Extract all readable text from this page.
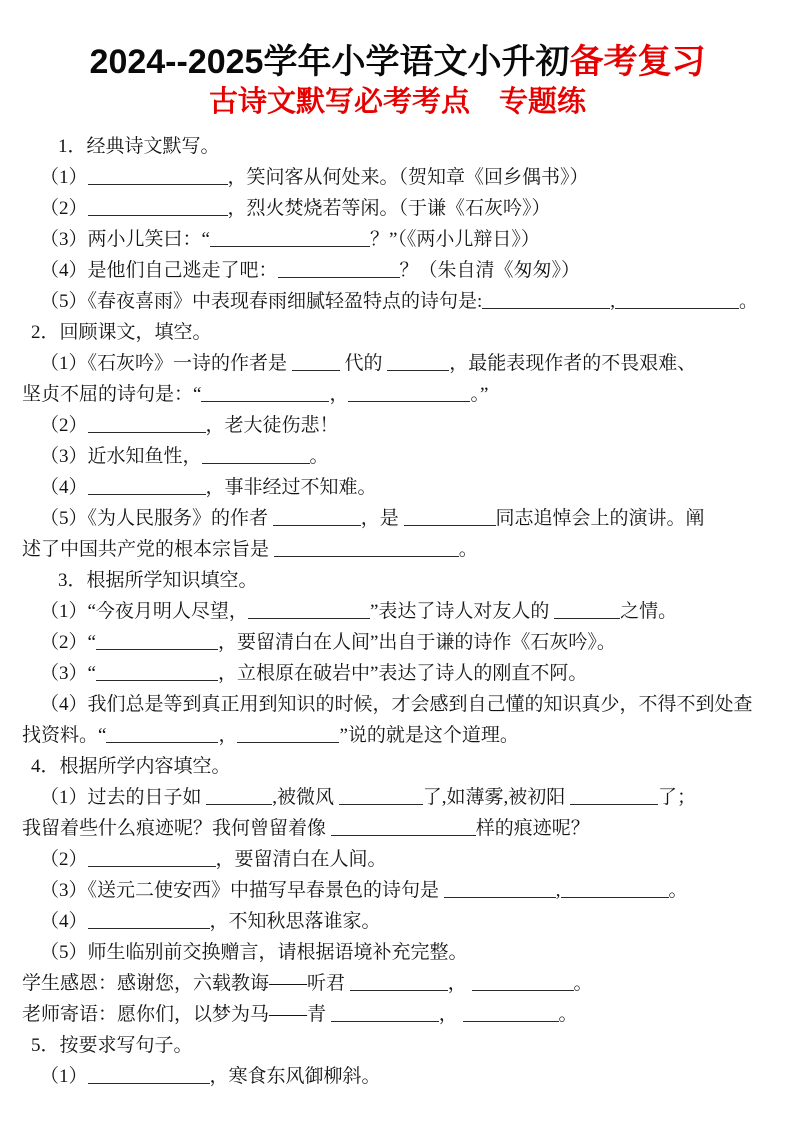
2024--2025学年小学语文小升初备考复习
古诗文默写必考考点　专题练
1．经典诗文默写。
（1）	，笑问客从何处来。（贺知章《回乡偶书》）
（2）	，烈火焚烧若等闲。（于谦《石灰吟》）
（3）两小儿笑曰：“	？”（《两小儿辩日》）
（4）是他们自己逃走了吧：	？（朱自清《匆匆》）
（5）《春夜喜雨》中表现春雨细腻轻盈特点的诗句是:	,	。
2．回顾课文，填空。
（1）《石灰吟》一诗的作者是	代的	，最能表现作者的不畏艰难、
坚贞不屈的诗句是：“	，	。”
（2）	，老大徒伤悲！
（3）近水知鱼性，	。
（4）	，事非经过不知难。
（5）《为人民服务》的作者	，是	同志追悼会上的演讲。阐
述了中国共产党的根本宗旨是	。
3．根据所学知识填空。
（1）“今夜月明人尽望，	”表达了诗人对友人的	之情。
（2）“	，要留清白在人间”出自于谦的诗作《石灰吟》。
（3）“	，立根原在破岩中”表达了诗人的刚直不阿。
（4）我们总是等到真正用到知识的时候，才会感到自己懂的知识真少，不得不到处查
找资料。“	，	”说的就是这个道理。
4．根据所学内容填空。
（1）过去的日子如	,被微风	了,如薄雾,被初阳	了；
我留着些什么痕迹呢？我何曾留着像	样的痕迹呢？
（2）	，要留清白在人间。
（3）《送元二使安西》中描写早春景色的诗句是	,	。
（4）	，不知秋思落谁家。
（5）师生临别前交换赠言，请根据语境补充完整。
学生感恩：感谢您，六载教诲——听君	，	。
老师寄语：愿你们，以梦为马——青	，	。
5．按要求写句子。
（1）	，寒食东风御柳斜。
